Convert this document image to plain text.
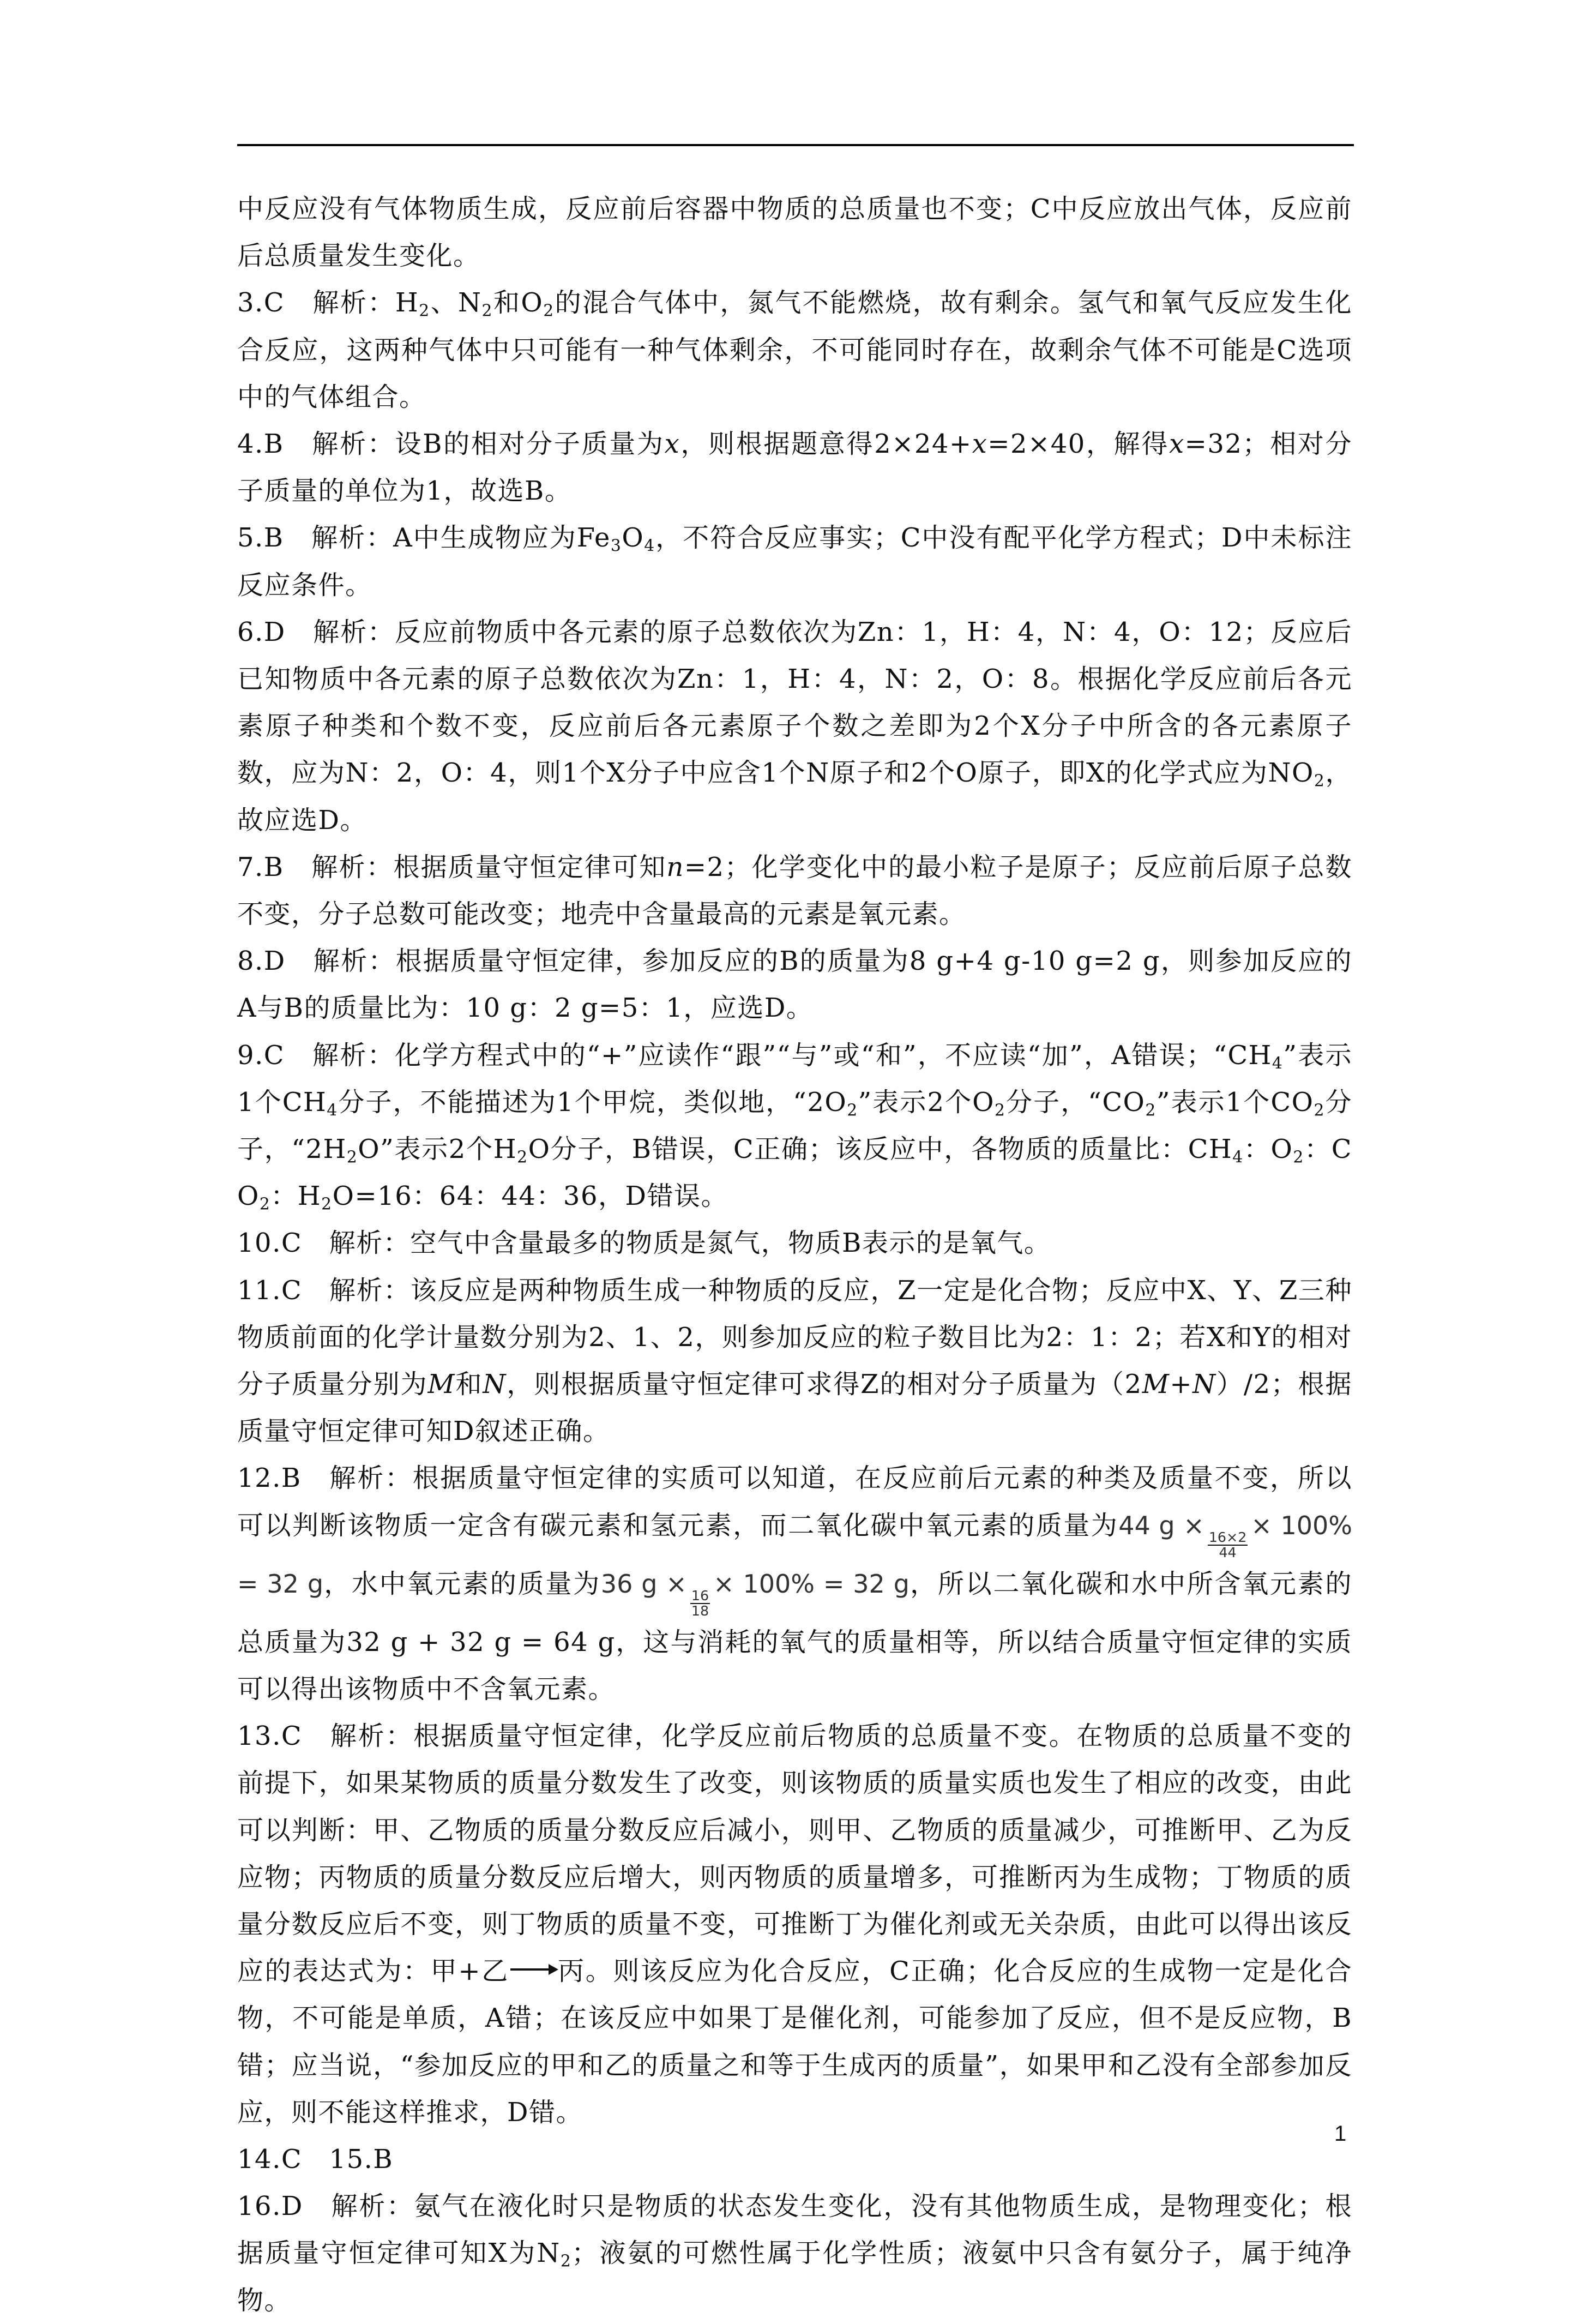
中反应没有气体物质生成，反应前后容器中物质的总质量也不变；C中反应放出气体，反应前后总质量发生变化。

3.C　解析：$H_2$、$N_2$和$O_2$的混合气体中，氮气不能燃烧，故有剩余。氢气和氧气反应发生化合反应，这两种气体中只可能有一种气体剩余，不可能同时存在，故剩余气体不可能是C选项中的气体组合。

4.B　解析：设B的相对分子质量为x，则根据题意得2×24+x=2×40，解得x=32；相对分子质量的单位为1，故选B。

5.B　解析：A中生成物应为$Fe_3O_4$，不符合反应事实；C中没有配平化学方程式；D中未标注反应条件。

6.D　解析：反应前物质中各元素的原子总数依次为Zn：1，H：4，N：4，O：12；反应后已知物质中各元素的原子总数依次为Zn：1，H：4，N：2，O：8。根据化学反应前后各元素原子种类和个数不变，反应前后各元素原子个数之差即为2个X分子中所含的各元素原子数，应为N：2，O：4，则1个X分子中应含1个N原子和2个O原子，即X的化学式应为$NO_2$，故应选D。

7.B　解析：根据质量守恒定律可知n=2；化学变化中的最小粒子是原子；反应前后原子总数不变，分子总数可能改变；地壳中含量最高的元素是氧元素。

8.D　解析：根据质量守恒定律，参加反应的B的质量为8 g+4 g-10 g=2 g，则参加反应的A与B的质量比为：10 g：2 g=5：1，应选D。

9.C　解析：化学方程式中的“+”应读作“跟”“与”或“和”，不应读“加”，A错误；“$CH_4$”表示1个$CH_4$分子，不能描述为1个甲烷，类似地，“$2O_2$”表示2个$O_2$分子，“$CO_2$”表示1个$CO_2$分子，“$2H_2O$”表示2个$H_2O$分子，B错误，C正确；该反应中，各物质的质量比：$CH_4$：$O_2$：$CO_2$：$H_2O=16$：64：44：36，D错误。

10.C　解析：空气中含量最多的物质是氮气，物质B表示的是氧气。

11.C　解析：该反应是两种物质生成一种物质的反应，Z一定是化合物；反应中X、Y、Z三种物质前面的化学计量数分别为2、1、2，则参加反应的粒子数目比为2：1：2；若X和Y的相对分子质量分别为M和N，则根据质量守恒定律可求得Z的相对分子质量为（2M+N）/2；根据质量守恒定律可知D叙述正确。

12.B　解析：根据质量守恒定律的实质可以知道，在反应前后元素的种类及质量不变，所以可以判断该物质一定含有碳元素和氢元素，而二氧化碳中氧元素的质量为44 g ×
$\frac{16\times 2}{44}$
× 100% = 32 g，水中氧元素的质量为36 g ×
$\frac{16}{18}$
× 100% = 32 g，所以二氧化碳和水中所含氧元素的总质量为32 g + 32 g = 64 g，这与消耗的氧气的质量相等，所以结合质量守恒定律的实质可以得出该物质中不含氧元素。

13.C　解析：根据质量守恒定律，化学反应前后物质的总质量不变。在物质的总质量不变的前提下，如果某物质的质量分数发生了改变，则该物质的质量实质也发生了相应的改变，由此可以判断：甲、乙物质的质量分数反应后减小，则甲、乙物质的质量减少，可推断甲、乙为反应物；丙物质的质量分数反应后增大，则丙物质的质量增多，可推断丙为生成物；丁物质的质量分数反应后不变，则丁物质的质量不变，可推断丁为催化剂或无关杂质，由此可以得出该反应的表达式为：甲+乙 → 丙。则该反应为化合反应，C正确；化合反应的生成物一定是化合物，不可能是单质，A错；在该反应中如果丁是催化剂，可能参加了反应，但不是反应物，B错；应当说，“参加反应的甲和乙的质量之和等于生成丙的质量”，如果甲和乙没有全部参加反应，则不能这样推求，D错。

14.C　15.B

16.D　解析：氨气在液化时只是物质的状态发生变化，没有其他物质生成，是物理变化；根据质量守恒定律可知X为$N_2$；液氨的可燃性属于化学性质；液氨中只含有氨分子，属于纯净物。

1
